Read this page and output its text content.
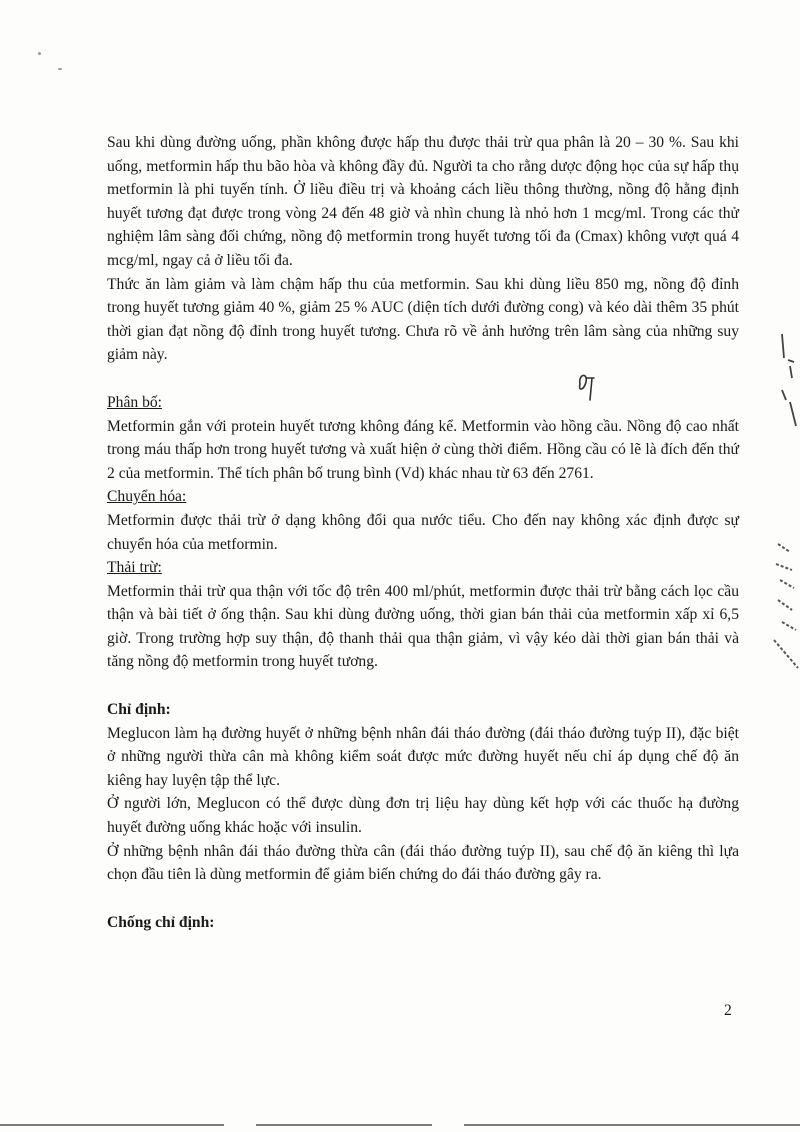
Sau khi dùng đường uống, phần không được hấp thu được thải trừ qua phân là 20 – 30 %. Sau khi uống, metformin hấp thu bão hòa và không đầy đủ. Người ta cho rằng dược động học của sự hấp thụ metformin là phi tuyến tính. Ở liều điều trị và khoảng cách liều thông thường, nồng độ hằng định huyết tương đạt được trong vòng 24 đến 48 giờ và nhìn chung là nhỏ hơn 1 mcg/ml. Trong các thử nghiệm lâm sàng đối chứng, nồng độ metformin trong huyết tương tối đa (Cmax) không vượt quá 4 mcg/ml, ngay cả ở liều tối đa.

Thức ăn làm giảm và làm chậm hấp thu của metformin. Sau khi dùng liều 850 mg, nồng độ đỉnh trong huyết tương giảm 40 %, giảm 25 % AUC (diện tích dưới đường cong) và kéo dài thêm 35 phút thời gian đạt nồng độ đỉnh trong huyết tương. Chưa rõ về ảnh hưởng trên lâm sàng của những suy giảm này.

Phân bố:

Metformin gắn với protein huyết tương không đáng kể. Metformin vào hồng cầu. Nồng độ cao nhất trong máu thấp hơn trong huyết tương và xuất hiện ở cùng thời điểm. Hồng cầu có lẽ là đích đến thứ 2 của metformin. Thể tích phân bố trung bình (Vd) khác nhau từ 63 đến 2761.

Chuyển hóa:

Metformin được thải trừ ở dạng không đổi qua nước tiểu. Cho đến nay không xác định được sự chuyển hóa của metformin.

Thải trừ:

Metformin thải trừ qua thận với tốc độ trên 400 ml/phút, metformin được thải trừ bằng cách lọc cầu thận và bài tiết ở ống thận. Sau khi dùng đường uống, thời gian bán thải của metformin xấp xỉ 6,5 giờ. Trong trường hợp suy thận, độ thanh thải qua thận giảm, vì vậy kéo dài thời gian bán thải và tăng nồng độ metformin trong huyết tương.

Chỉ định:

Meglucon làm hạ đường huyết ở những bệnh nhân đái tháo đường (đái tháo đường tuýp II), đặc biệt ở những người thừa cân mà không kiểm soát được mức đường huyết nếu chỉ áp dụng chế độ ăn kiêng hay luyện tập thể lực.

Ở người lớn, Meglucon có thể được dùng đơn trị liệu hay dùng kết hợp với các thuốc hạ đường huyết đường uống khác hoặc với insulin.

Ở những bệnh nhân đái tháo đường thừa cân (đái tháo đường tuýp II), sau chế độ ăn kiêng thì lựa chọn đầu tiên là dùng metformin để giảm biến chứng do đái tháo đường gây ra.

Chống chỉ định:

2
